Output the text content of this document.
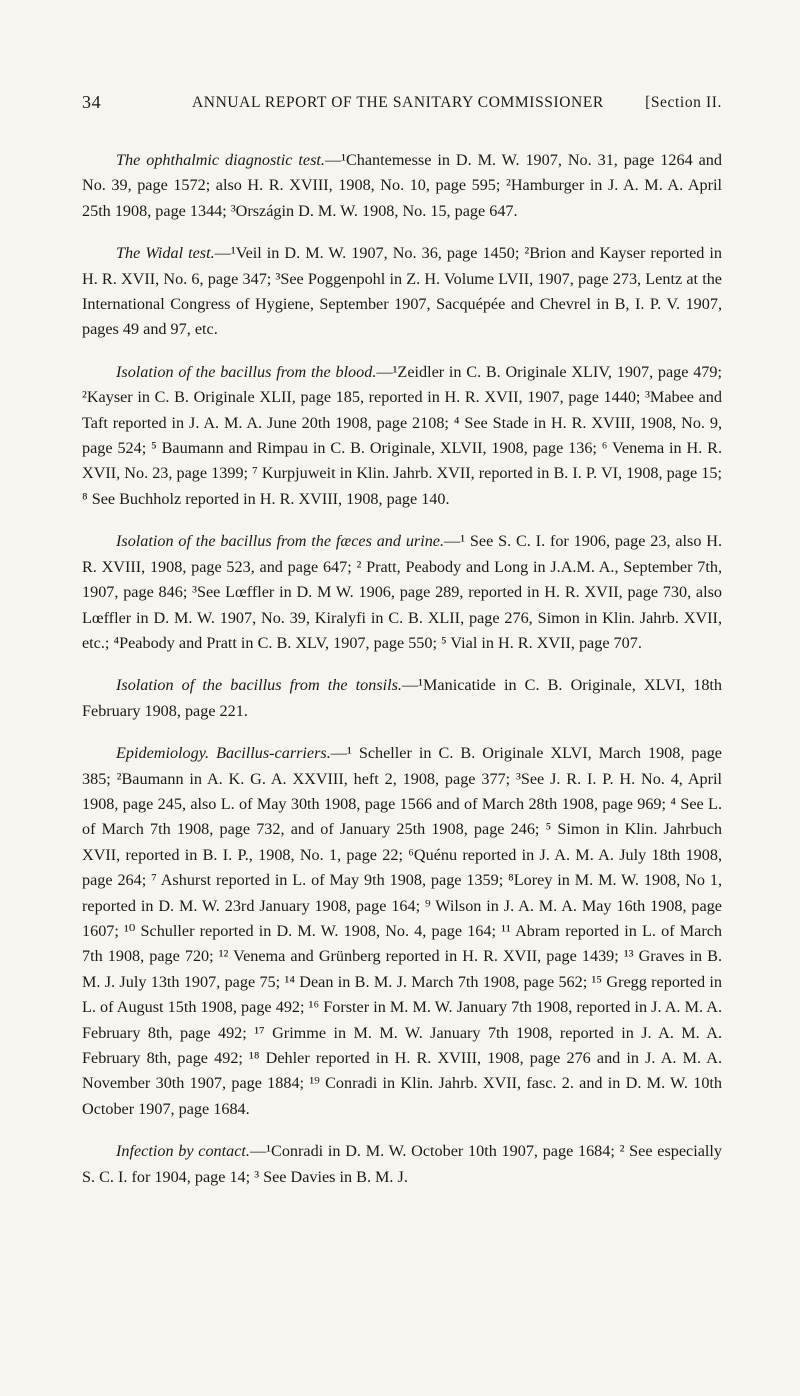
34	ANNUAL REPORT OF THE SANITARY COMMISSIONER	[Section II.

The ophthalmic diagnostic test.—¹Chantemesse in D. M. W. 1907, No. 31, page 1264 and No. 39, page 1572; also H. R. XVIII, 1908, No. 10, page 595; ²Hamburger in J. A. M. A. April 25th 1908, page 1344; ³Országin D. M. W. 1908, No. 15, page 647.

The Widal test.—¹Veil in D. M. W. 1907, No. 36, page 1450; ²Brion and Kayser reported in H. R. XVII, No. 6, page 347; ³See Poggenpohl in Z. H. Volume LVII, 1907, page 273, Lentz at the International Congress of Hygiene, September 1907, Sacquépée and Chevrel in B, I. P. V. 1907, pages 49 and 97, etc.

Isolation of the bacillus from the blood.—¹Zeidler in C. B. Originale XLIV, 1907, page 479; ²Kayser in C. B. Originale XLII, page 185, reported in H. R. XVII, 1907, page 1440; ³Mabee and Taft reported in J. A. M. A. June 20th 1908, page 2108; ⁴ See Stade in H. R. XVIII, 1908, No. 9, page 524; ⁵ Baumann and Rimpau in C. B. Originale, XLVII, 1908, page 136; ⁶ Venema in H. R. XVII, No. 23, page 1399; ⁷ Kurpjuweit in Klin. Jahrb. XVII, reported in B. I. P. VI, 1908, page 15; ⁸ See Buchholz reported in H. R. XVIII, 1908, page 140.

Isolation of the bacillus from the fæces and urine.—¹ See S. C. I. for 1906, page 23, also H. R. XVIII, 1908, page 523, and page 647; ² Pratt, Peabody and Long in J.A.M. A., September 7th, 1907, page 846; ³See Lœffler in D. M W. 1906, page 289, reported in H. R. XVII, page 730, also Lœffler in D. M. W. 1907, No. 39, Kiralyfi in C. B. XLII, page 276, Simon in Klin. Jahrb. XVII, etc.; ⁴Peabody and Pratt in C. B. XLV, 1907, page 550; ⁵ Vial in H. R. XVII, page 707.

Isolation of the bacillus from the tonsils.—¹Manicatide in C. B. Originale, XLVI, 18th February 1908, page 221.

Epidemiology. Bacillus-carriers.—¹ Scheller in C. B. Originale XLVI, March 1908, page 385; ²Baumann in A. K. G. A. XXVIII, heft 2, 1908, page 377; ³See J. R. I. P. H. No. 4, April 1908, page 245, also L. of May 30th 1908, page 1566 and of March 28th 1908, page 969; ⁴ See L. of March 7th 1908, page 732, and of January 25th 1908, page 246; ⁵ Simon in Klin. Jahrbuch XVII, reported in B. I. P., 1908, No. 1, page 22; ⁶Quénu reported in J. A. M. A. July 18th 1908, page 264; ⁷ Ashurst reported in L. of May 9th 1908, page 1359; ⁸Lorey in M. M. W. 1908, No 1, reported in D. M. W. 23rd January 1908, page 164; ⁹ Wilson in J. A. M. A. May 16th 1908, page 1607; ¹⁰ Schuller reported in D. M. W. 1908, No. 4, page 164; ¹¹ Abram reported in L. of March 7th 1908, page 720; ¹² Venema and Grünberg reported in H. R. XVII, page 1439; ¹³ Graves in B. M. J. July 13th 1907, page 75; ¹⁴ Dean in B. M. J. March 7th 1908, page 562; ¹⁵ Gregg reported in L. of August 15th 1908, page 492; ¹⁶ Forster in M. M. W. January 7th 1908, reported in J. A. M. A. February 8th, page 492; ¹⁷ Grimme in M. M. W. January 7th 1908, reported in J. A. M. A. February 8th, page 492; ¹⁸ Dehler reported in H. R. XVIII, 1908, page 276 and in J. A. M. A. November 30th 1907, page 1884; ¹⁹ Conradi in Klin. Jahrb. XVII, fasc. 2. and in D. M. W. 10th October 1907, page 1684.

Infection by contact.—¹Conradi in D. M. W. October 10th 1907, page 1684; ² See especially S. C. I. for 1904, page 14; ³ See Davies in B. M. J.
